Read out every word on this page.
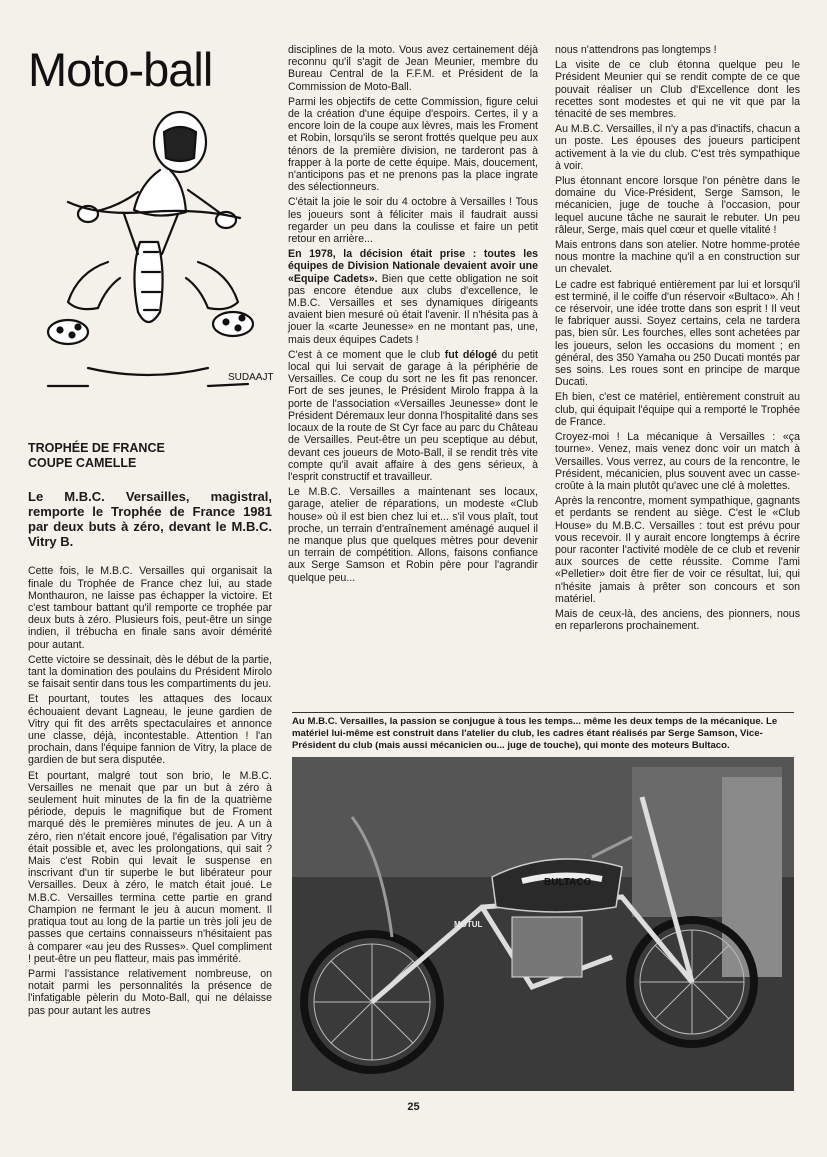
Moto-ball
SUDAAJT

TROPHÉE DE FRANCE

COUPE CAMELLE

Le M.B.C. Versailles, magistral, remporte le Trophée de France 1981 par deux buts à zéro, devant le M.B.C. Vitry B.

Cette fois, le M.B.C. Versailles qui organisait la finale du Trophée de France chez lui, au stade Monthauron, ne laisse pas échapper la victoire. Et c'est tambour battant qu'il remporte ce trophée par deux buts à zéro. Plusieurs fois, peut-être un singe indien, il trébucha en finale sans avoir démérité pour autant.

Cette victoire se dessinait, dès le début de la partie, tant la domination des poulains du Président Mirolo se faisait sentir dans tous les compartiments du jeu.

Et pourtant, toutes les attaques des locaux échouaient devant Lagneau, le jeune gardien de Vitry qui fit des arrêts spectaculaires et annonce une classe, déjà, incontestable. Attention ! l'an prochain, dans l'équipe fannion de Vitry, la place de gardien de but sera disputée.

Et pourtant, malgré tout son brio, le M.B.C. Versailles ne menait que par un but à zéro à seulement huit minutes de la fin de la quatrième période, depuis le magnifique but de Froment marqué dès le premières minutes de jeu. A un à zéro, rien n'était encore joué, l'égalisation par Vitry était possible et, avec les prolongations, qui sait ? Mais c'est Robin qui levait le suspense en inscrivant d'un tir superbe le but libérateur pour Versailles. Deux à zéro, le match était joué. Le M.B.C. Versailles termina cette partie en grand Champion ne fermant le jeu à aucun moment. Il pratiqua tout au long de la partie un très joli jeu de passes que certains connaisseurs n'hésitaient pas à comparer «au jeu des Russes». Quel compliment ! peut-être un peu flatteur, mais pas immérité.

Parmi l'assistance relativement nombreuse, on notait parmi les personnalités la présence de l'infatigable pèlerin du Moto-Ball, qui ne délaisse pas pour autant les autres

disciplines de la moto. Vous avez certainement déjà reconnu qu'il s'agit de Jean Meunier, membre du Bureau Central de la F.F.M. et Président de la Commission de Moto-Ball.

Parmi les objectifs de cette Commission, figure celui de la création d'une équipe d'espoirs. Certes, il y a encore loin de la coupe aux lèvres, mais les Froment et Robin, lorsqu'ils se seront frottés quelque peu aux ténors de la première division, ne tarderont pas à frapper à la porte de cette équipe. Mais, doucement, n'anticipons pas et ne prenons pas la place ingrate des sélectionneurs.

C'était la joie le soir du 4 octobre à Versailles ! Tous les joueurs sont à féliciter mais il faudrait aussi regarder un peu dans la coulisse et faire un petit retour en arrière...

En 1978, la décision était prise : toutes les équipes de Division Nationale devaient avoir une «Equipe Cadets». Bien que cette obligation ne soit pas encore étendue aux clubs d'excellence, le M.B.C. Versailles et ses dynamiques dirigeants avaient bien mesuré où était l'avenir. Il n'hésita pas à jouer la «carte Jeunesse» en ne montant pas, une, mais deux équipes Cadets !

C'est à ce moment que le club fut délogé du petit local qui lui servait de garage à la périphérie de Versailles. Ce coup du sort ne les fit pas renoncer. Fort de ses jeunes, le Président Mirolo frappa à la porte de l'association «Versailles Jeunesse» dont le Président Déremaux leur donna l'hospitalité dans ses locaux de la route de St Cyr face au parc du Château de Versailles. Peut-être un peu sceptique au début, devant ces joueurs de Moto-Ball, il se rendit très vite compte qu'il avait affaire à des gens sérieux, à l'esprit constructif et travailleur.

Le M.B.C. Versailles a maintenant ses locaux, garage, atelier de réparations, un modeste «Club house» où il est bien chez lui et... s'il vous plaît, tout proche, un terrain d'entraînement aménagé auquel il ne manque plus que quelques mètres pour devenir un terrain de compétition. Allons, faisons confiance aux Serge Samson et Robin père pour l'agrandir quelque peu...

nous n'attendrons pas longtemps !

La visite de ce club étonna quelque peu le Président Meunier qui se rendit compte de ce que pouvait réaliser un Club d'Excellence dont les recettes sont modestes et qui ne vit que par la ténacité de ses membres.

Au M.B.C. Versailles, il n'y a pas d'inactifs, chacun a un poste. Les épouses des joueurs participent activement à la vie du club. C'est très sympathique à voir.

Plus étonnant encore lorsque l'on pénètre dans le domaine du Vice-Président, Serge Samson, le mécanicien, juge de touche à l'occasion, pour lequel aucune tâche ne saurait le rebuter. Un peu râleur, Serge, mais quel cœur et quelle vitalité !

Mais entrons dans son atelier. Notre homme-protée nous montre la machine qu'il a en construction sur un chevalet.

Le cadre est fabriqué entièrement par lui et lorsqu'il est terminé, il le coiffe d'un réservoir «Bultaco». Ah ! ce réservoir, une idée trotte dans son esprit ! Il veut le fabriquer aussi. Soyez certains, cela ne tardera pas, bien sûr. Les fourches, elles sont achetées par les joueurs, selon les occasions du moment ; en général, des 350 Yamaha ou 250 Ducati montés par ses soins. Les roues sont en principe de marque Ducati.

Eh bien, c'est ce matériel, entièrement construit au club, qui équipait l'équipe qui a remporté le Trophée de France.

Croyez-moi ! La mécanique à Versailles : «ça tourne». Venez, mais venez donc voir un match à Versailles. Vous verrez, au cours de la rencontre, le Président, mécanicien, plus souvent avec un casse-croûte à la main plutôt qu'avec une clé à molettes.

Après la rencontre, moment sympathique, gagnants et perdants se rendent au siège. C'est le «Club House» du M.B.C. Versailles : tout est prévu pour vous recevoir. Il y aurait encore longtemps à écrire pour raconter l'activité modèle de ce club et revenir aux sources de cette réussite. Comme l'ami «Pelletier» doit être fier de voir ce résultat, lui, qui n'hésite jamais à prêter son concours et son matériel.

Mais de ceux-là, des anciens, des pionners, nous en reparlerons prochainement.

Au M.B.C. Versailles, la passion se conjugue à tous les temps... même les deux temps de la mécanique. Le matériel lui-même est construit dans l'atelier du club, les cadres étant réalisés par Serge Samson, Vice-Président du club (mais aussi mécanicien ou... juge de touche), qui monte des moteurs Bultaco.

BULTACO
MOTUL
25
